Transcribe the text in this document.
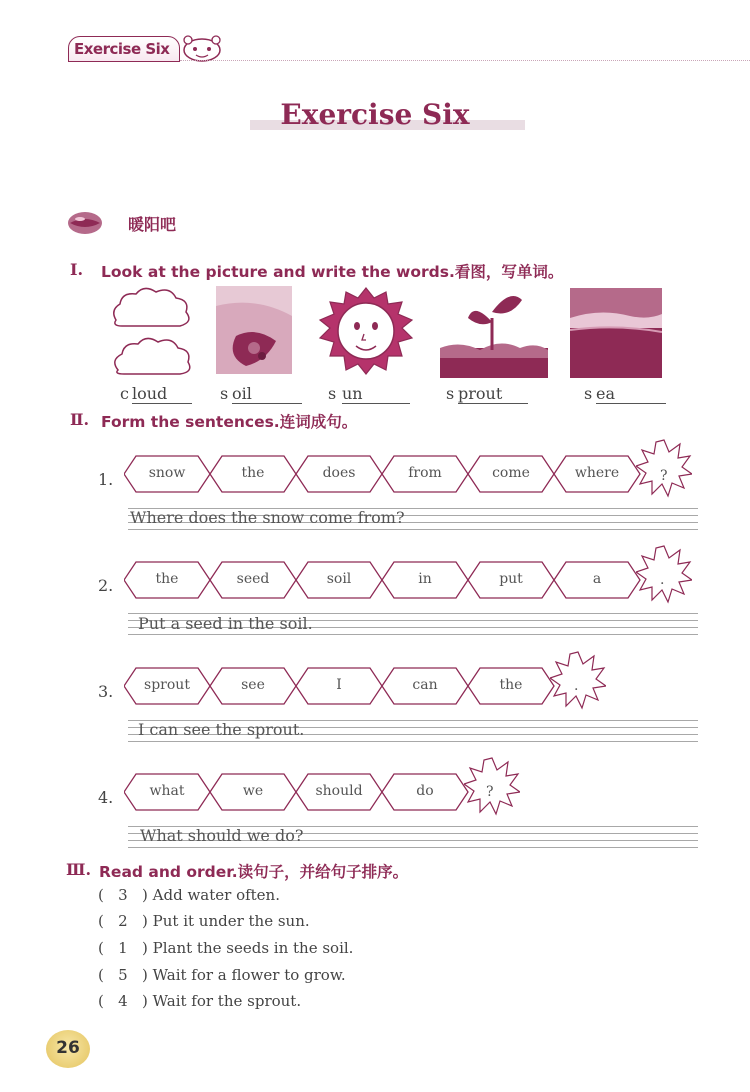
Exercise Six
Exercise Six
暖阳吧
Ⅰ. Look at the picture and write the words.看图，写单词。
c loud	s oil	s un	s prout	s ea
Ⅱ. Form the sentences.连词成句。
1.	snow	the	does	from	come	where	?
Where does the snow come from?
2.	the	seed	soil	in	put	a	.
Put a seed in the soil.
3.	sprout	see	I	can	the	.
I can see the sprout.
4.	what	we	should	do	?
What should we do?
Ⅲ. Read and order.读句子，并给句子排序。
(   3   ) Add water often.
(   2   ) Put it under the sun.
(   1   ) Plant the seeds in the soil.
(   5   ) Wait for a flower to grow.
(   4   ) Wait for the sprout.
26
